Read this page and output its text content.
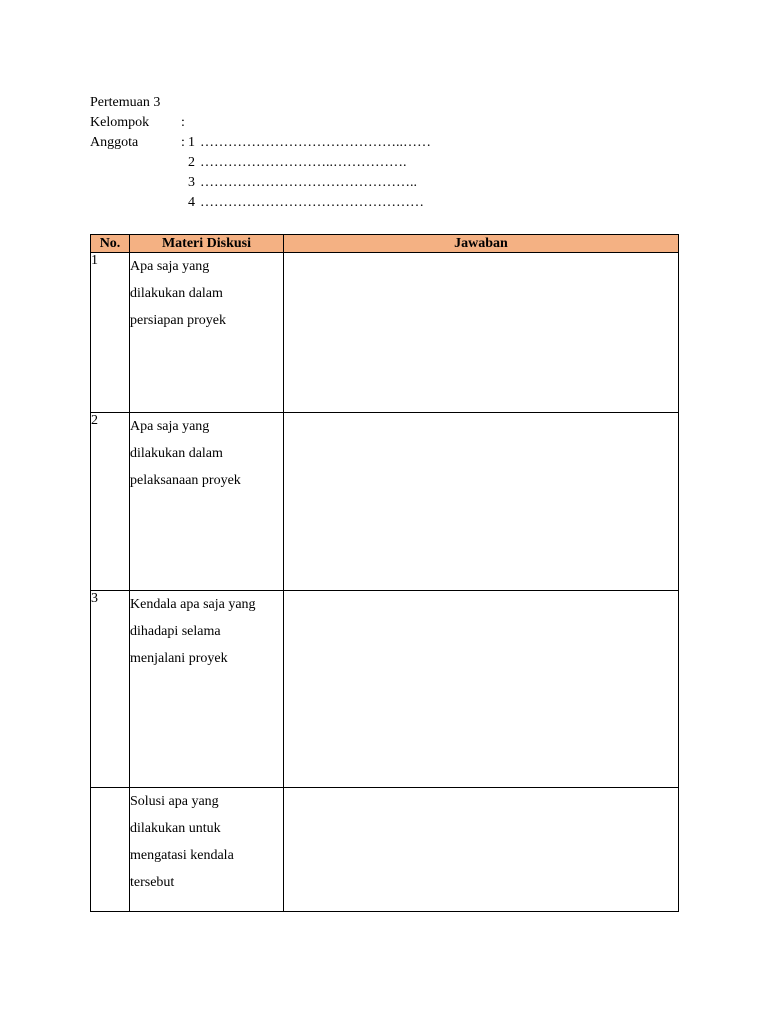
Pertemuan 3
Kelompok :
Anggota	: 1 ……………………………………..……
2 ………………………..…………….
3 ………………………………………..
4 …………………………………………
No.	Materi Diskusi	Jawaban
1	Apa saja yang
dilakukan dalam
persiapan proyek	

2	Apa saja yang
dilakukan dalam
pelaksanaan proyek	

3	Kendala apa saja yang
dihadapi selama
menjalani proyek	

	Solusi apa yang
dilakukan untuk
mengatasi kendala
tersebut	
